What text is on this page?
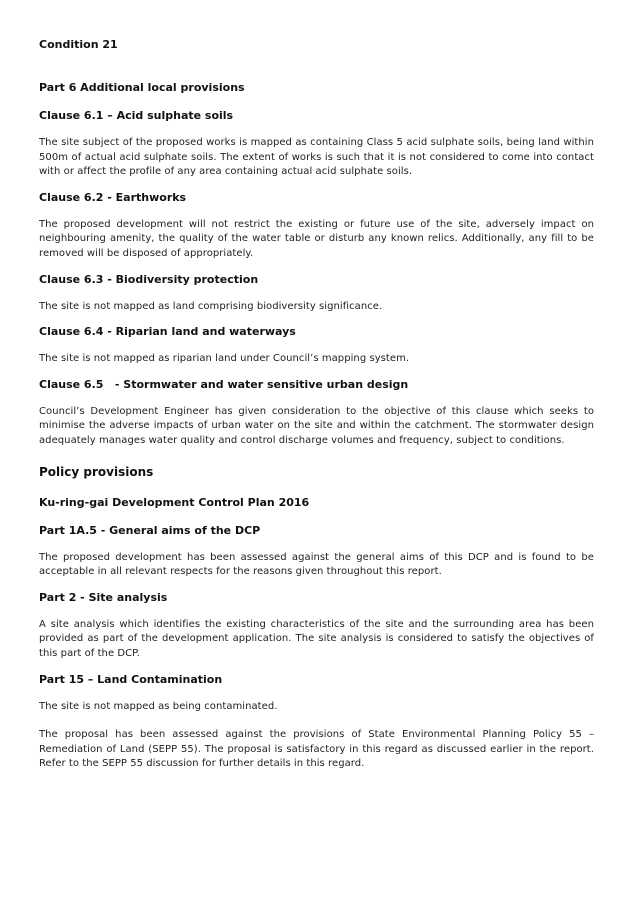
Condition 21

Part 6 Additional local provisions

Clause 6.1 – Acid sulphate soils

The site subject of the proposed works is mapped as containing Class 5 acid sulphate soils, being land within 500m of actual acid sulphate soils. The extent of works is such that it is not considered to come into contact with or affect the profile of any area containing actual acid sulphate soils.

Clause 6.2 - Earthworks

The proposed development will not restrict the existing or future use of the site, adversely impact on neighbouring amenity, the quality of the water table or disturb any known relics. Additionally, any fill to be removed will be disposed of appropriately.

Clause 6.3 - Biodiversity protection

The site is not mapped as land comprising biodiversity significance.

Clause 6.4 - Riparian land and waterways

The site is not mapped as riparian land under Council’s mapping system.

Clause 6.5   - Stormwater and water sensitive urban design

Council’s Development Engineer has given consideration to the objective of this clause which seeks to minimise the adverse impacts of urban water on the site and within the catchment. The stormwater design adequately manages water quality and control discharge volumes and frequency, subject to conditions.

Policy provisions

Ku-ring-gai Development Control Plan 2016

Part 1A.5 - General aims of the DCP

The proposed development has been assessed against the general aims of this DCP and is found to be acceptable in all relevant respects for the reasons given throughout this report.

Part 2 - Site analysis

A site analysis which identifies the existing characteristics of the site and the surrounding area has been provided as part of the development application. The site analysis is considered to satisfy the objectives of this part of the DCP.

Part 15 – Land Contamination

The site is not mapped as being contaminated.

The proposal has been assessed against the provisions of State Environmental Planning Policy 55 – Remediation of Land (SEPP 55). The proposal is satisfactory in this regard as discussed earlier in the report. Refer to the SEPP 55 discussion for further details in this regard.
